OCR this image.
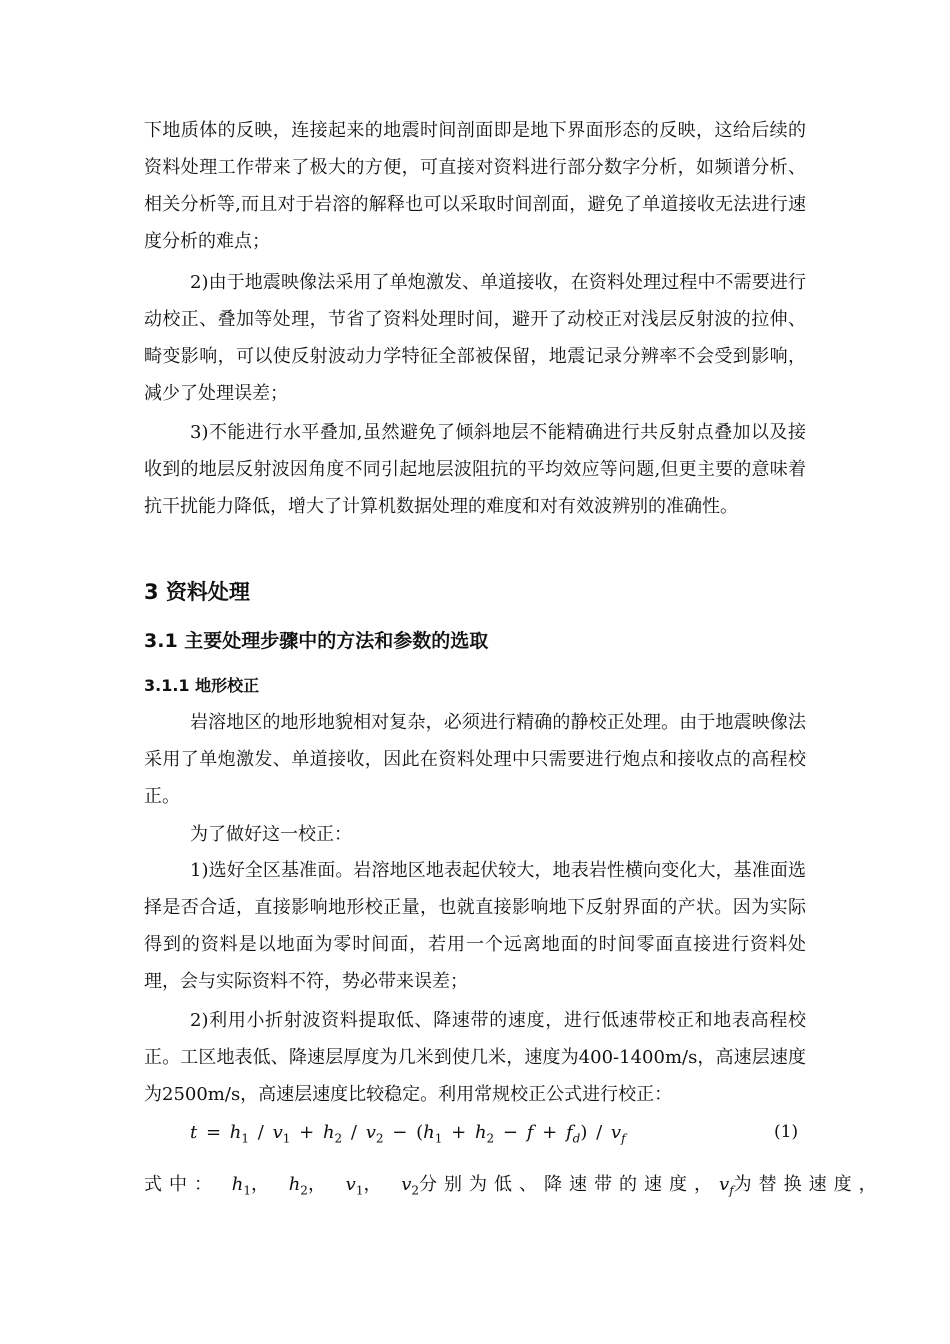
下地质体的反映，连接起来的地震时间剖面即是地下界面形态的反映，这给后续的资料处理工作带来了极大的方便，可直接对资料进行部分数字分析，如频谱分析、相关分析等,而且对于岩溶的解释也可以采取时间剖面，避免了单道接收无法进行速度分析的难点；

2)由于地震映像法采用了单炮激发、单道接收，在资料处理过程中不需要进行动校正、叠加等处理，节省了资料处理时间，避开了动校正对浅层反射波的拉伸、畸变影响，可以使反射波动力学特征全部被保留，地震记录分辨率不会受到影响，减少了处理误差；

3)不能进行水平叠加,虽然避免了倾斜地层不能精确进行共反射点叠加以及接收到的地层反射波因角度不同引起地层波阻抗的平均效应等问题,但更主要的意味着抗干扰能力降低，增大了计算机数据处理的难度和对有效波辨别的准确性。

3 资料处理
3.1 主要处理步骤中的方法和参数的选取
3.1.1 地形校正

岩溶地区的地形地貌相对复杂，必须进行精确的静校正处理。由于地震映像法采用了单炮激发、单道接收，因此在资料处理中只需要进行炮点和接收点的高程校正。

为了做好这一校正：

1)选好全区基准面。岩溶地区地表起伏较大，地表岩性横向变化大，基准面选择是否合适，直接影响地形校正量，也就直接影响地下反射界面的产状。因为实际得到的资料是以地面为零时间面，若用一个远离地面的时间零面直接进行资料处理，会与实际资料不符，势必带来误差；

2)利用小折射波资料提取低、降速带的速度，进行低速带校正和地表高程校正。工区地表低、降速层厚度为几米到使几米，速度为400-1400m/s，高速层速度为2500m/s，高速层速度比较稳定。利用常规校正公式进行校正：

$t = h_1 / v_1 + h_2 / v_2 - (h_1 + h_2 - f + f_d) / v_f$	(1)
式中： $h_1$， $h_2$， $v_1$， $v_2$分别为低、降速带的速度，$v_f$为替换速度，
